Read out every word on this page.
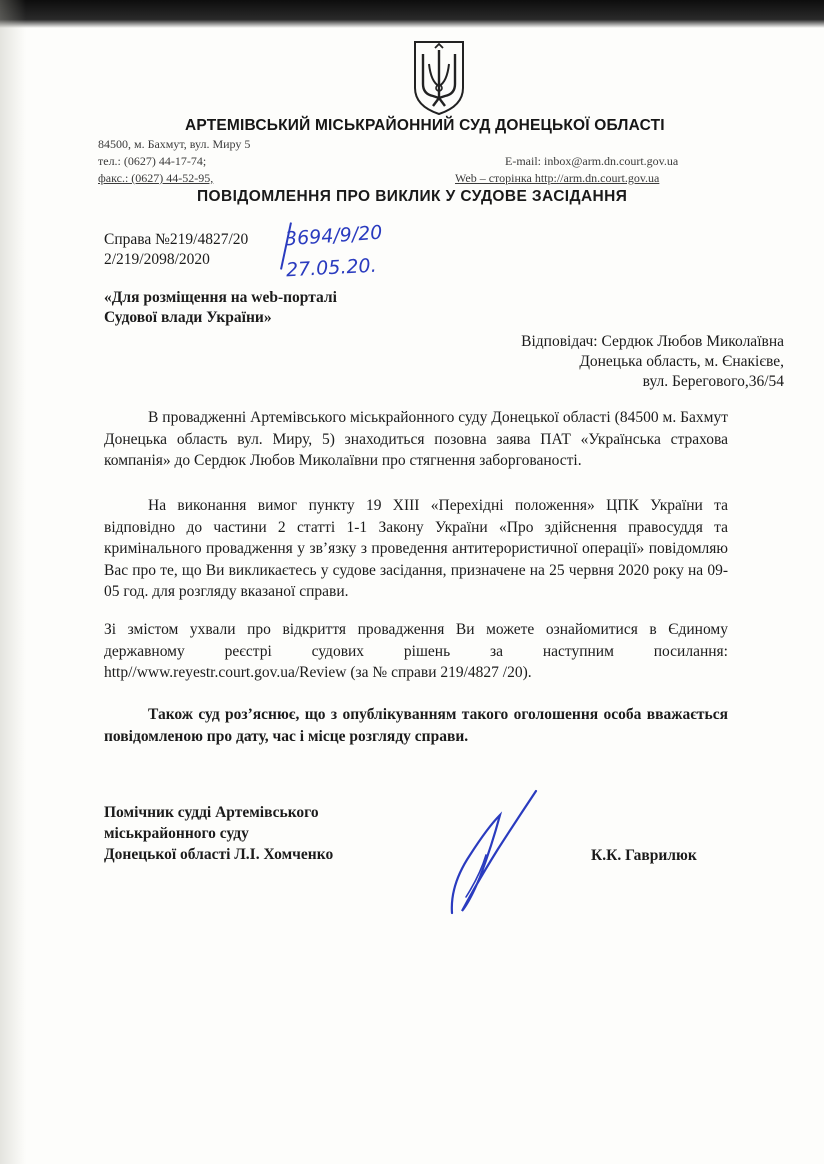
АРТЕМІВСЬКИЙ МІСЬКРАЙОННИЙ СУД ДОНЕЦЬКОЇ ОБЛАСТІ
84500, м. Бахмут, вул. Миру 5
тел.: (0627) 44-17-74;
факс.: (0627) 44-52-95,
E-mail: inbox@arm.dn.court.gov.ua
Web – сторінка http://arm.dn.court.gov.ua
ПОВІДОМЛЕННЯ ПРО ВИКЛИК У СУДОВЕ ЗАСІДАННЯ
Справа №219/4827/20
2/219/2098/2020
3694/9/20
27.05.20.
«Для розміщення на web-порталі
Судової влади України»
Відповідач: Сердюк Любов Миколаївна
Донецька область, м. Єнакієве,
вул. Берегового,36/54
В провадженні Артемівського міськрайонного суду Донецької області (84500 м. Бахмут Донецька область вул. Миру, 5) знаходиться позовна заява ПАТ «Українська страхова компанія» до Сердюк Любов Миколаївни про стягнення заборгованості.
На виконання вимог пункту 19 XIII «Перехідні положення» ЦПК України та відповідно до частини 2 статті 1-1 Закону України «Про здійснення правосуддя та кримінального провадження у зв’язку з проведення антитерористичної операції» повідомляю Вас про те, що Ви викликаєтесь у судове засідання, призначене на 25 червня 2020 року на 09-05 год. для розгляду вказаної справи.
Зі змістом ухвали про відкриття провадження Ви можете ознайомитися в Єдиному державному реєстрі судових рішень за наступним посилання: http//www.reyestr.court.gov.ua/Review (за № справи 219/4827 /20).
Також суд роз’яснює, що з опублікуванням такого оголошення особа вважається повідомленою про дату, час і місце розгляду справи.
Помічник судді Артемівського
міськрайонного суду
Донецької області Л.І. Хомченко	К.К. Гаврилюк
